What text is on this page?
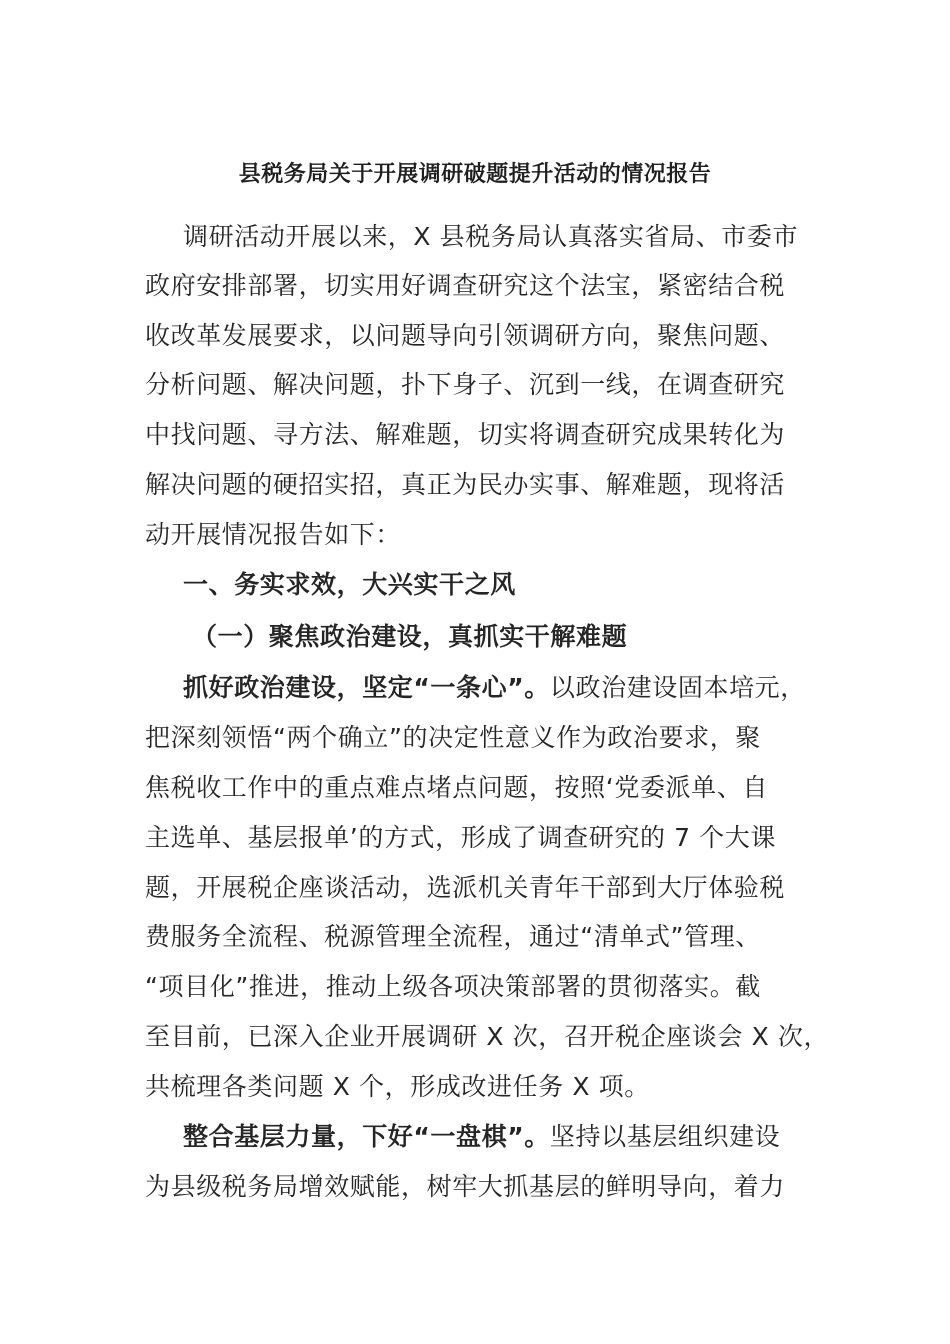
县税务局关于开展调研破题提升活动的情况报告
调研活动开展以来，X 县税务局认真落实省局、市委市
政府安排部署，切实用好调查研究这个法宝，紧密结合税
收改革发展要求，以问题导向引领调研方向，聚焦问题、
分析问题、解决问题，扑下身子、沉到一线，在调查研究
中找问题、寻方法、解难题，切实将调查研究成果转化为
解决问题的硬招实招，真正为民办实事、解难题，现将活
动开展情况报告如下：
一、务实求效，大兴实干之风
（一）聚焦政治建设，真抓实干解难题
抓好政治建设，坚定“一条心”。以政治建设固本培元，
把深刻领悟“两个确立”的决定性意义作为政治要求，聚
焦税收工作中的重点难点堵点问题，按照‘党委派单、自
主选单、基层报单’的方式，形成了调查研究的 7 个大课
题，开展税企座谈活动，选派机关青年干部到大厅体验税
费服务全流程、税源管理全流程，通过“清单式”管理、
“项目化”推进，推动上级各项决策部署的贯彻落实。截
至目前，已深入企业开展调研 X 次，召开税企座谈会 X 次，
共梳理各类问题 X 个，形成改进任务 X 项。
整合基层力量，下好“一盘棋”。坚持以基层组织建设
为县级税务局增效赋能，树牢大抓基层的鲜明导向，着力
